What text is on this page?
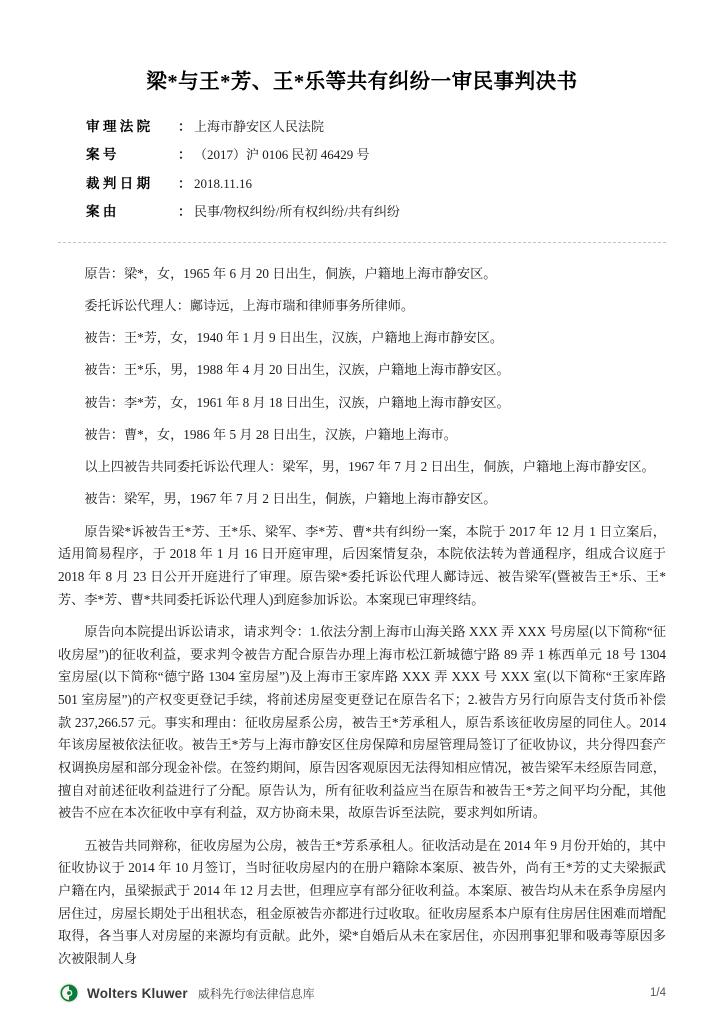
梁*与王*芳、王*乐等共有纠纷一审民事判决书
审 理 法 院 ： 上海市静安区人民法院
案 号	： （2017）沪 0106 民初 46429 号
裁 判 日 期 ： 2018.11.16
案 由	： 民事/物权纠纷/所有权纠纷/共有纠纷

原告：梁*，女，1965 年 6 月 20 日出生，侗族，户籍地上海市静安区。

委托诉讼代理人：鄺诗远，上海市瑞和律师事务所律师。

被告：王*芳，女，1940 年 1 月 9 日出生，汉族，户籍地上海市静安区。

被告：王*乐，男，1988 年 4 月 20 日出生，汉族，户籍地上海市静安区。

被告：李*芳，女，1961 年 8 月 18 日出生，汉族，户籍地上海市静安区。

被告：曹*，女，1986 年 5 月 28 日出生，汉族，户籍地上海市。

以上四被告共同委托诉讼代理人：梁军，男，1967 年 7 月 2 日出生，侗族，户籍地上海市静安区。

被告：梁军，男，1967 年 7 月 2 日出生，侗族，户籍地上海市静安区。

原告梁*诉被告王*芳、王*乐、梁军、李*芳、曹*共有纠纷一案，本院于 2017 年 12 月 1 日立案后，适用简易程序，于 2018 年 1 月 16 日开庭审理，后因案情复杂，本院依法转为普通程序，组成合议庭于 2018 年 8 月 23 日公开开庭进行了审理。原告梁*委托诉讼代理人鄺诗远、被告梁军(暨被告王*乐、王*芳、李*芳、曹*共同委托诉讼代理人)到庭参加诉讼。本案现已审理终结。

原告向本院提出诉讼请求，请求判令：1.依法分割上海市山海关路 XXX 弄 XXX 号房屋(以下简称“征收房屋”)的征收利益，要求判令被告方配合原告办理上海市松江新城德宁路 89 弄 1 栋西单元 18 号 1304 室房屋(以下简称“德宁路 1304 室房屋”)及上海市王家库路 XXX 弄 XXX 号 XXX 室(以下简称“王家库路 501 室房屋”)的产权变更登记手续，将前述房屋变更登记在原告名下；2.被告方另行向原告支付货币补偿款 237,266.57 元。事实和理由：征收房屋系公房，被告王*芳承租人，原告系该征收房屋的同住人。2014 年该房屋被依法征收。被告王*芳与上海市静安区住房保障和房屋管理局签订了征收协议，共分得四套产权调换房屋和部分现金补偿。在签约期间，原告因客观原因无法得知相应情况，被告梁军未经原告同意，擅自对前述征收利益进行了分配。原告认为，所有征收利益应当在原告和被告王*芳之间平均分配，其他被告不应在本次征收中享有利益，双方协商未果，故原告诉至法院，要求判如所请。

五被告共同辩称，征收房屋为公房，被告王*芳系承租人。征收活动是在 2014 年 9 月份开始的，其中征收协议于 2014 年 10 月签订，当时征收房屋内的在册户籍除本案原、被告外，尚有王*芳的丈夫梁振武户籍在内，虽梁振武于 2014 年 12 月去世，但理应享有部分征收利益。本案原、被告均从未在系争房屋内居住过，房屋长期处于出租状态，租金原被告亦都进行过收取。征收房屋系本户原有住房居住困难而增配取得，各当事人对房屋的来源均有贡献。此外，梁*自婚后从未在家居住，亦因刑事犯罪和吸毒等原因多次被限制人身

Wolters Kluwer 威科先行®法律信息库	1/4
